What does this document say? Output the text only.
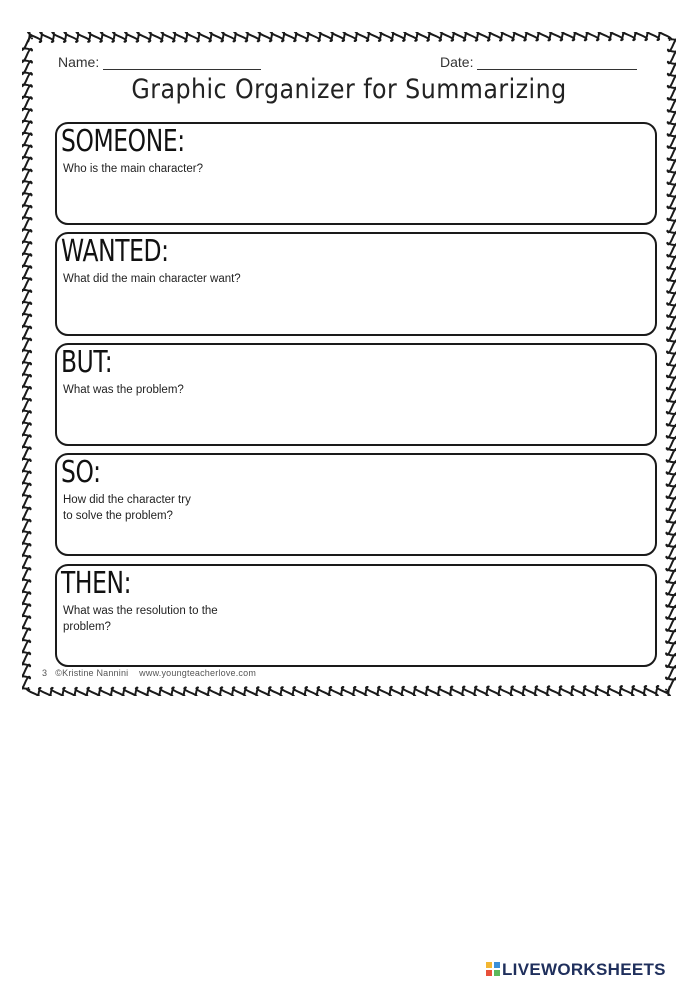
Name:	Date:
Graphic Organizer for Summarizing
SOMEONE:
Who is the main character?
WANTED:
What did the main character want?
BUT:
What was the problem?
SO:
How did the character try
to solve the problem?
THEN:
What was the resolution to the
problem?
3   ©Kristine Nannini    www.youngteacherlove.com
LIVEWORKSHEETS
